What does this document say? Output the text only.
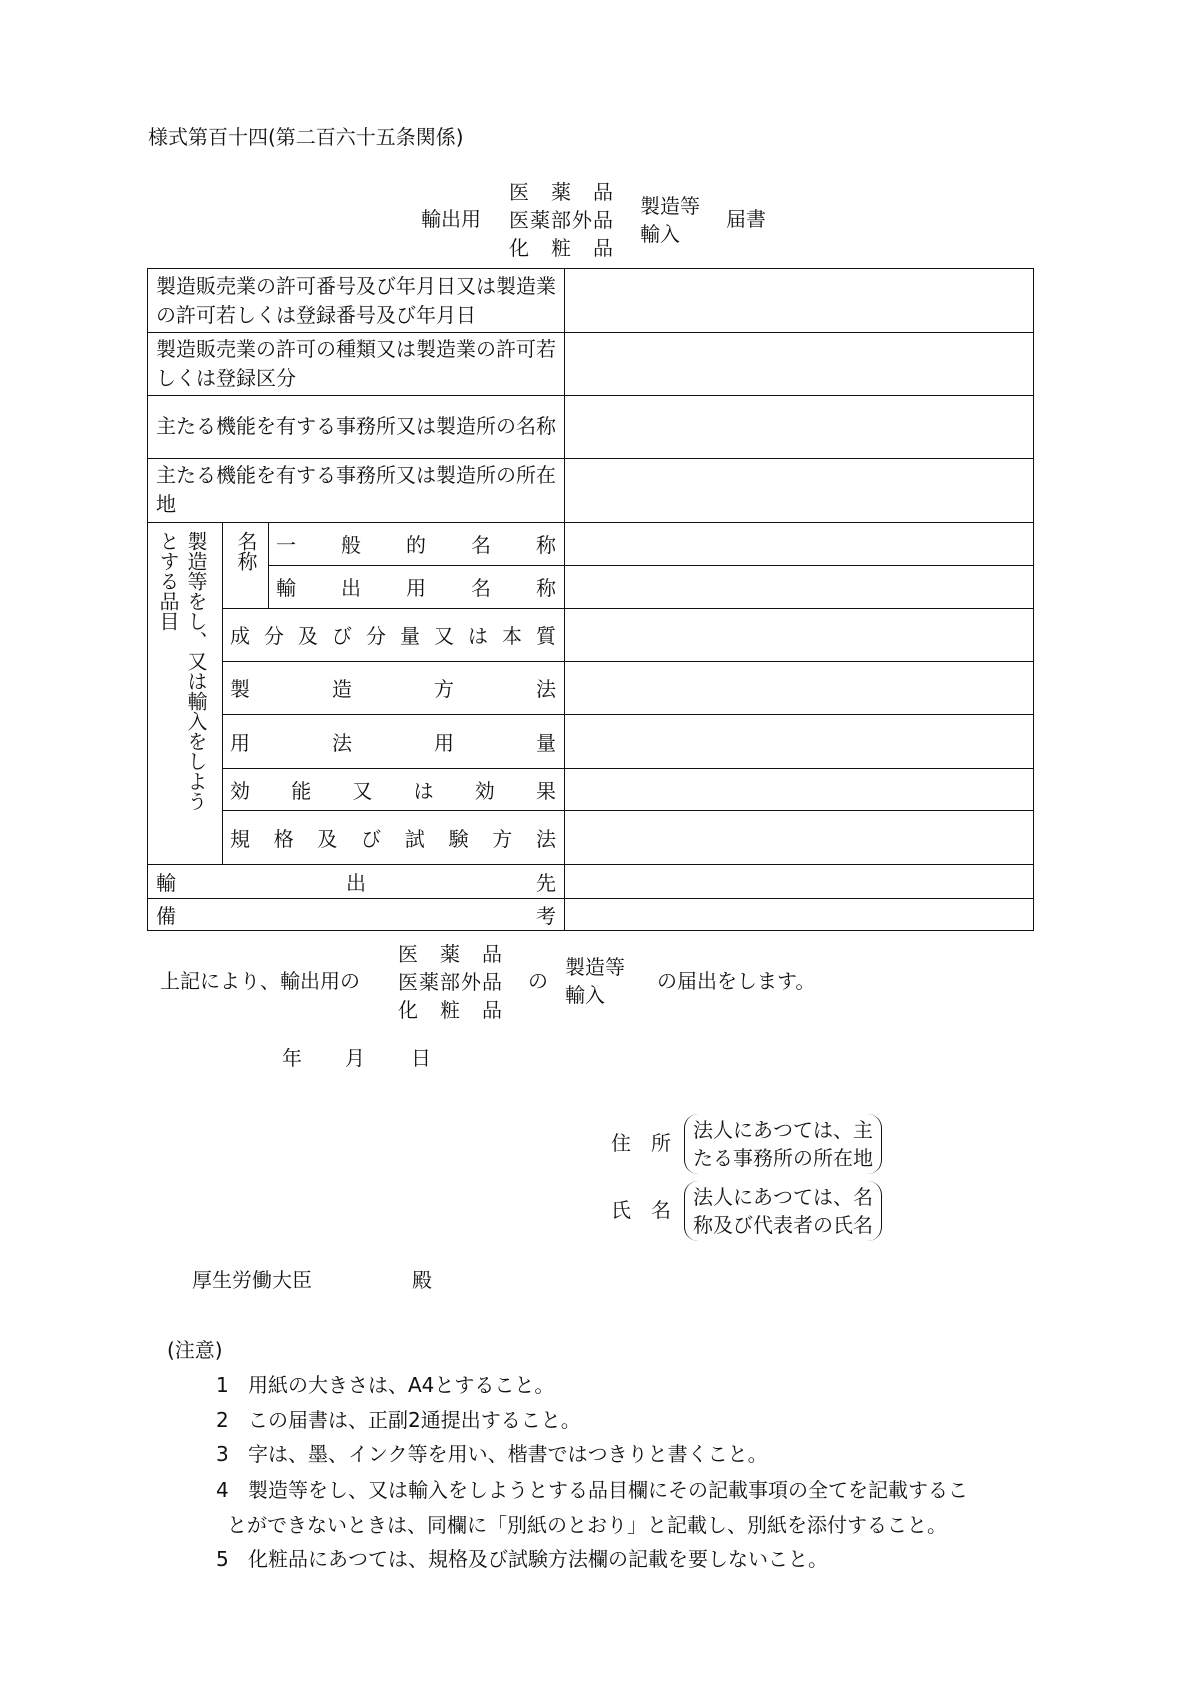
様式第百十四(第二百六十五条関係)
輸出用
医薬品
医薬部外品
化粧品
製造等
輸入
届書
製造販売業の許可番号及び年月日又は製造業の許可若しくは登録番号及び年月日
製造販売業の許可の種類又は製造業の許可若しくは登録区分
主たる機能を有する事務所又は製造所の名称
主たる機能を有する事務所又は製造所の所在地
製造等をし、又は輸入をしよう
とする品目	名称 一般的名称
輸出用名称
成分及び分量又は本質
製造方法
用法用量
効能又は効果
規格及び試験方法
輸出先
備考
上記により、輸出用の
医薬品
医薬部外品
化粧品
の
製造等
輸入
の届出をします。
年 月 日
住　所
法人にあつては、主
たる事務所の所在地
氏　名
法人にあつては、名
称及び代表者の氏名
厚生労働大臣	殿
(注意)
1 用紙の大きさは、A4とすること。
2 この届書は、正副2通提出すること。
3 字は、墨、インク等を用い、楷書ではつきりと書くこと。
4 製造等をし、又は輸入をしようとする品目欄にその記載事項の全てを記載するこ
とができないときは、同欄に「別紙のとおり」と記載し、別紙を添付すること。
5 化粧品にあつては、規格及び試験方法欄の記載を要しないこと。
